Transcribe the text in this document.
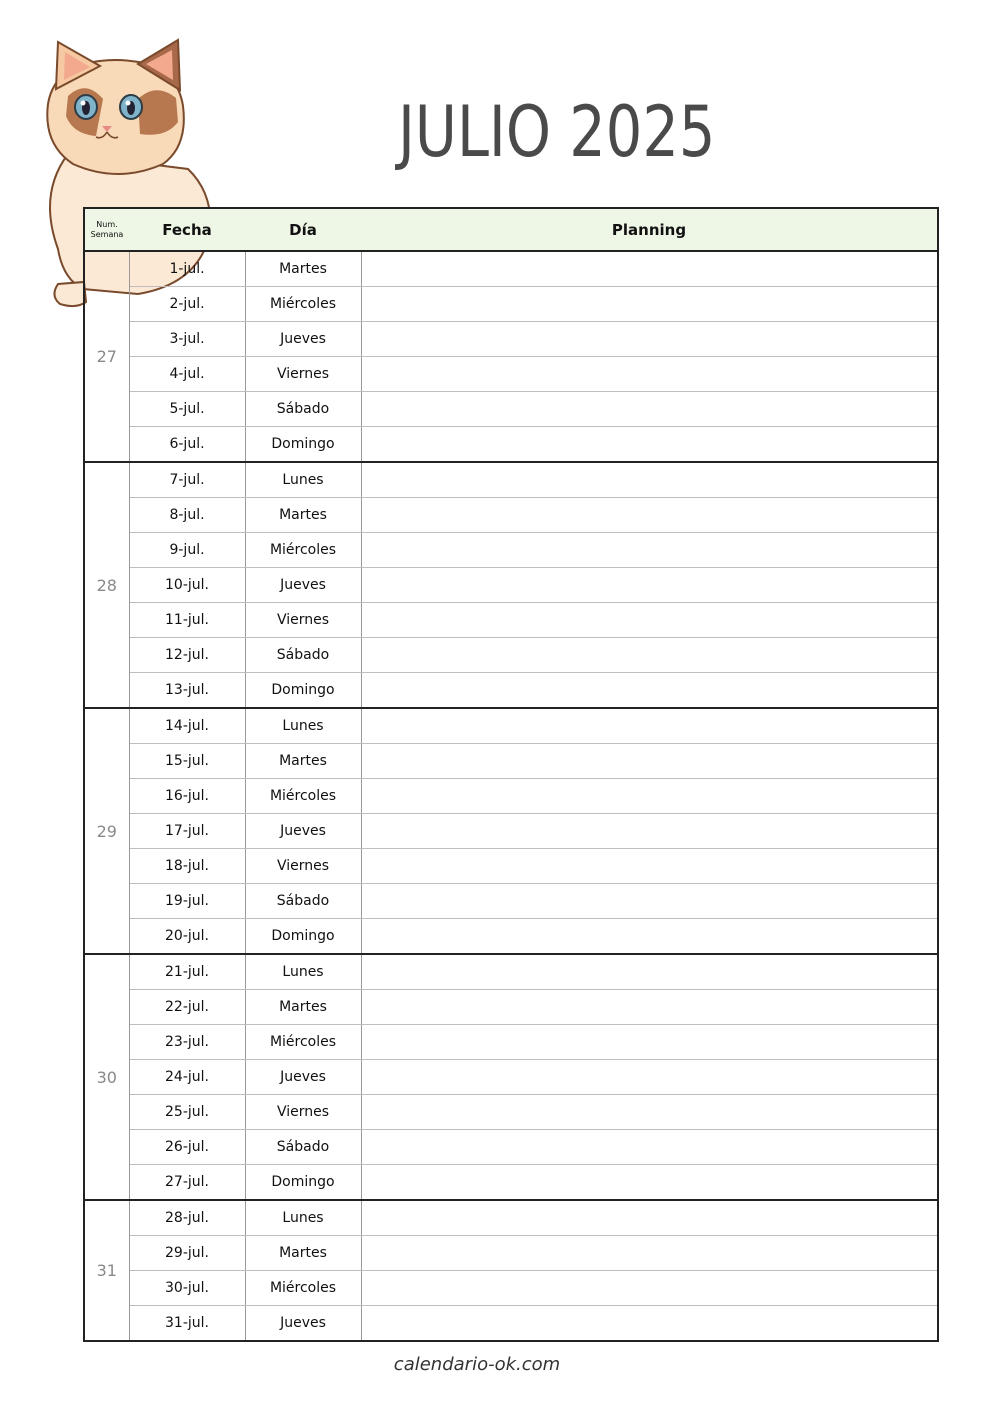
JULIO 2025
Num.
Semana	Fecha	Día	Planning
27	1-jul.	Martes	
	2-jul.	Miércoles	
	3-jul.	Jueves	
	4-jul.	Viernes	
	5-jul.	Sábado	
	6-jul.	Domingo	
28	7-jul.	Lunes	
	8-jul.	Martes	
	9-jul.	Miércoles	
	10-jul.	Jueves	
	11-jul.	Viernes	
	12-jul.	Sábado	
	13-jul.	Domingo	
29	14-jul.	Lunes	
	15-jul.	Martes	
	16-jul.	Miércoles	
	17-jul.	Jueves	
	18-jul.	Viernes	
	19-jul.	Sábado	
	20-jul.	Domingo	
30	21-jul.	Lunes	
	22-jul.	Martes	
	23-jul.	Miércoles	
	24-jul.	Jueves	
	25-jul.	Viernes	
	26-jul.	Sábado	
	27-jul.	Domingo	
31	28-jul.	Lunes	
	29-jul.	Martes	
	30-jul.	Miércoles	
	31-jul.	Jueves	
calendario-ok.com
